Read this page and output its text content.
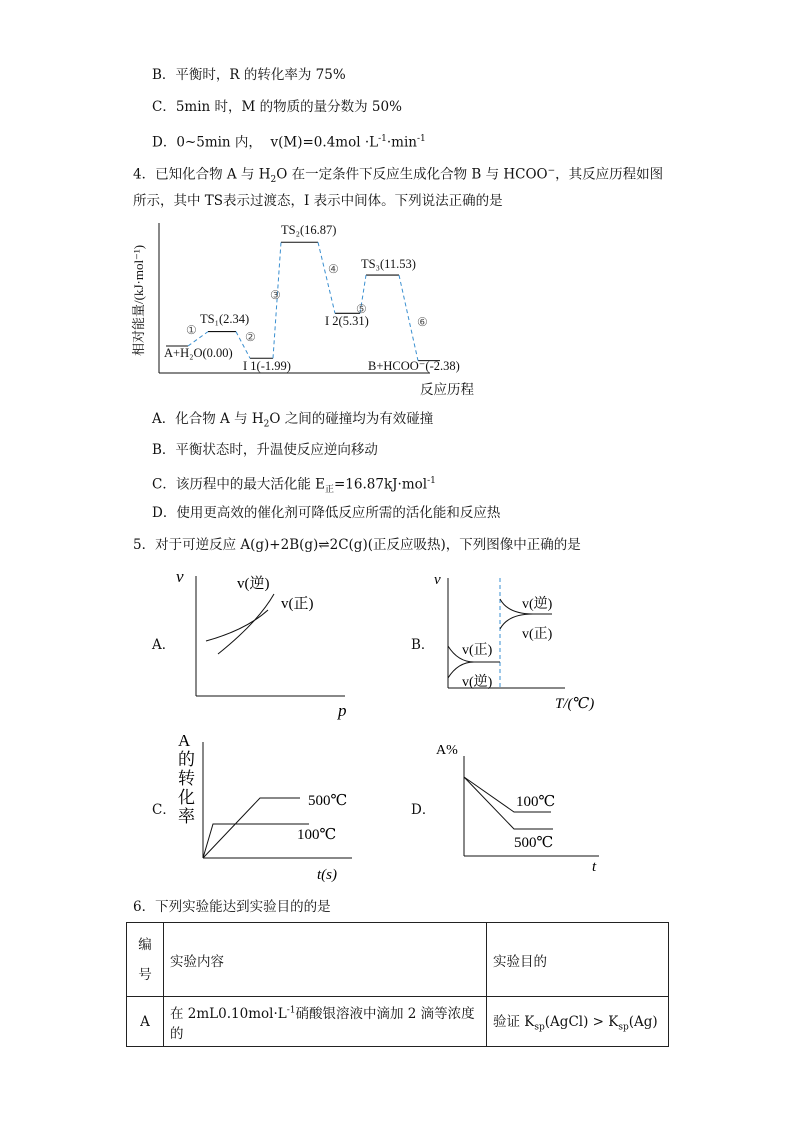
B．平衡时，R 的转化率为 75%
C．5min 时，M 的物质的量分数为 50%
D．0~5min 内， $v(M)=0.4mol \cdot L^{-1}\cdot\min^{-1}$
4．已知化合物 A 与 $H_2O$ 在一定条件下反应生成化合物 B 与 HCOO−，其反应历程如图
所示，其中 TS表示过渡态，I 表示中间体。下列说法正确的是
相对能量/(kJ·mol⁻¹)
反应历程
A+H₂O(0.00)
TS₁(2.34)
I 1(-1.99)
TS₂(16.87)
I 2(5.31)
TS₃(11.53)
B+HCOO⁻(-2.38)
①	②
③
④
⑤
⑥
A．化合物 A 与 $H_2O$ 之间的碰撞均为有效碰撞
B．平衡状态时，升温使反应逆向移动
C．该历程中的最大活化能 $E_正=16.87kJ\cdot mol^{-1}$
D．使用更高效的催化剂可降低反应所需的活化能和反应热
5．对于可逆反应 A(g)+2B(g)⇌2C(g)(正反应吸热)，下列图像中正确的是
A．
v
p
v(逆)
v(正)
B．
v
T/(℃)
v(逆)
v(正)
v(正)
v(逆)
C．
A
的
转
化
率
t(s)
500℃
100℃
D．
A%
t
100℃
500℃
6．下列实验能达到实验目的的是
编号	实验内容	实验目的
A	在 $2mL0.10mol\cdot L^{-1}$硝酸银溶液中滴加 2 滴等浓度的	验证 $K_{sp}(AgCl) > K_{sp}(Ag)$
